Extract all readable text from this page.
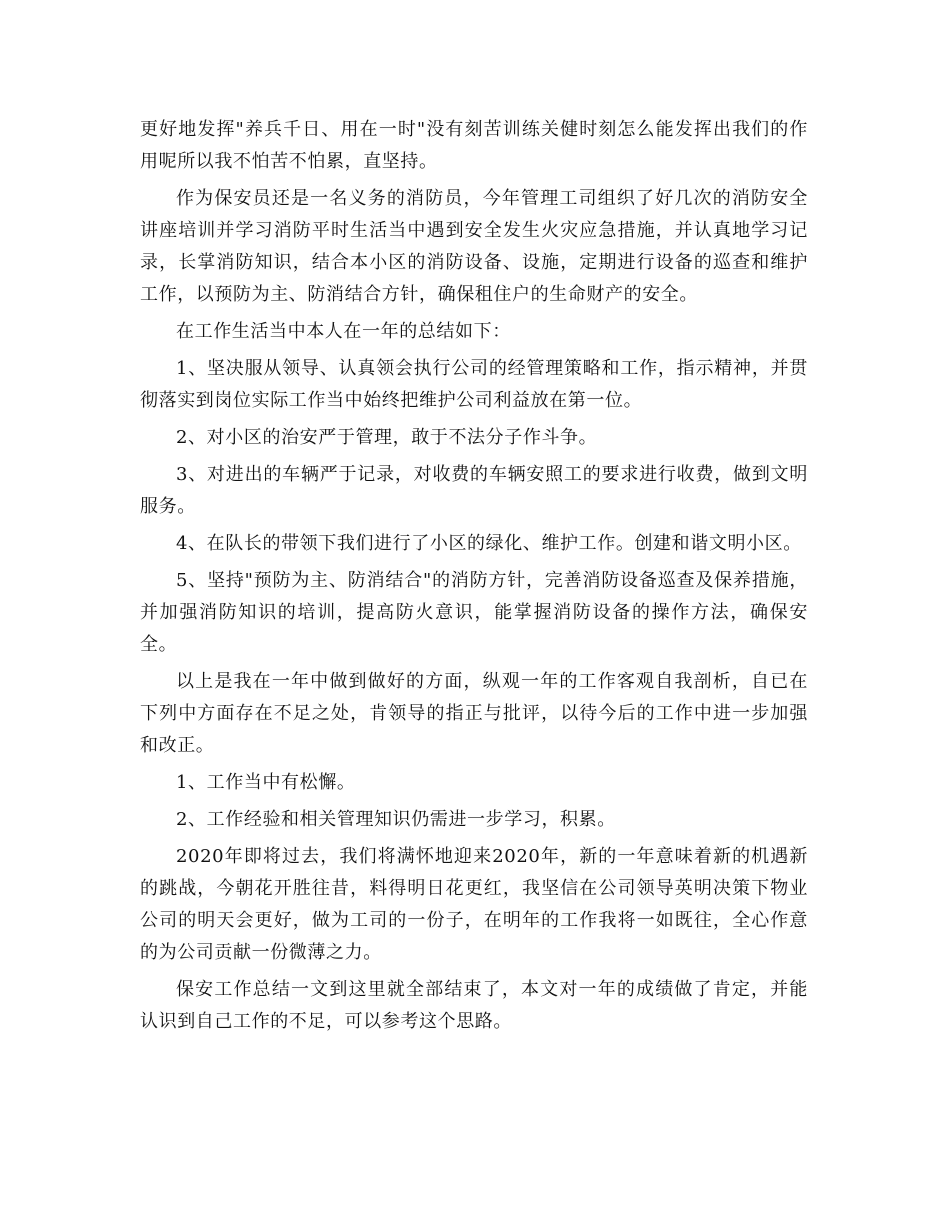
更好地发挥"养兵千日、用在一时"没有刻苦训练关健时刻怎么能发挥出我们的作用呢所以我不怕苦不怕累，直坚持。

作为保安员还是一名义务的消防员，今年管理工司组织了好几次的消防安全讲座培训并学习消防平时生活当中遇到安全发生火灾应急措施，并认真地学习记录，长掌消防知识，结合本小区的消防设备、设施，定期进行设备的巡查和维护工作，以预防为主、防消结合方针，确保租住户的生命财产的安全。

在工作生活当中本人在一年的总结如下：

1、坚决服从领导、认真领会执行公司的经管理策略和工作，指示精神，并贯彻落实到岗位实际工作当中始终把维护公司利益放在第一位。

2、对小区的治安严于管理，敢于不法分子作斗争。

3、对进出的车辆严于记录，对收费的车辆安照工的要求进行收费，做到文明服务。

4、在队长的带领下我们进行了小区的绿化、维护工作。创建和谐文明小区。

5、坚持"预防为主、防消结合"的消防方针，完善消防设备巡查及保养措施，并加强消防知识的培训，提高防火意识，能掌握消防设备的操作方法，确保安全。

以上是我在一年中做到做好的方面，纵观一年的工作客观自我剖析，自已在下列中方面存在不足之处，肯领导的指正与批评，以待今后的工作中进一步加强和改正。

1、工作当中有松懈。

2、工作经验和相关管理知识仍需进一步学习，积累。

2020年即将过去，我们将满怀地迎来2020年，新的一年意味着新的机遇新的跳战，今朝花开胜往昔，料得明日花更红，我坚信在公司领导英明决策下物业公司的明天会更好，做为工司的一份子，在明年的工作我将一如既往，全心作意的为公司贡献一份微薄之力。

保安工作总结一文到这里就全部结束了，本文对一年的成绩做了肯定，并能认识到自己工作的不足，可以参考这个思路。
